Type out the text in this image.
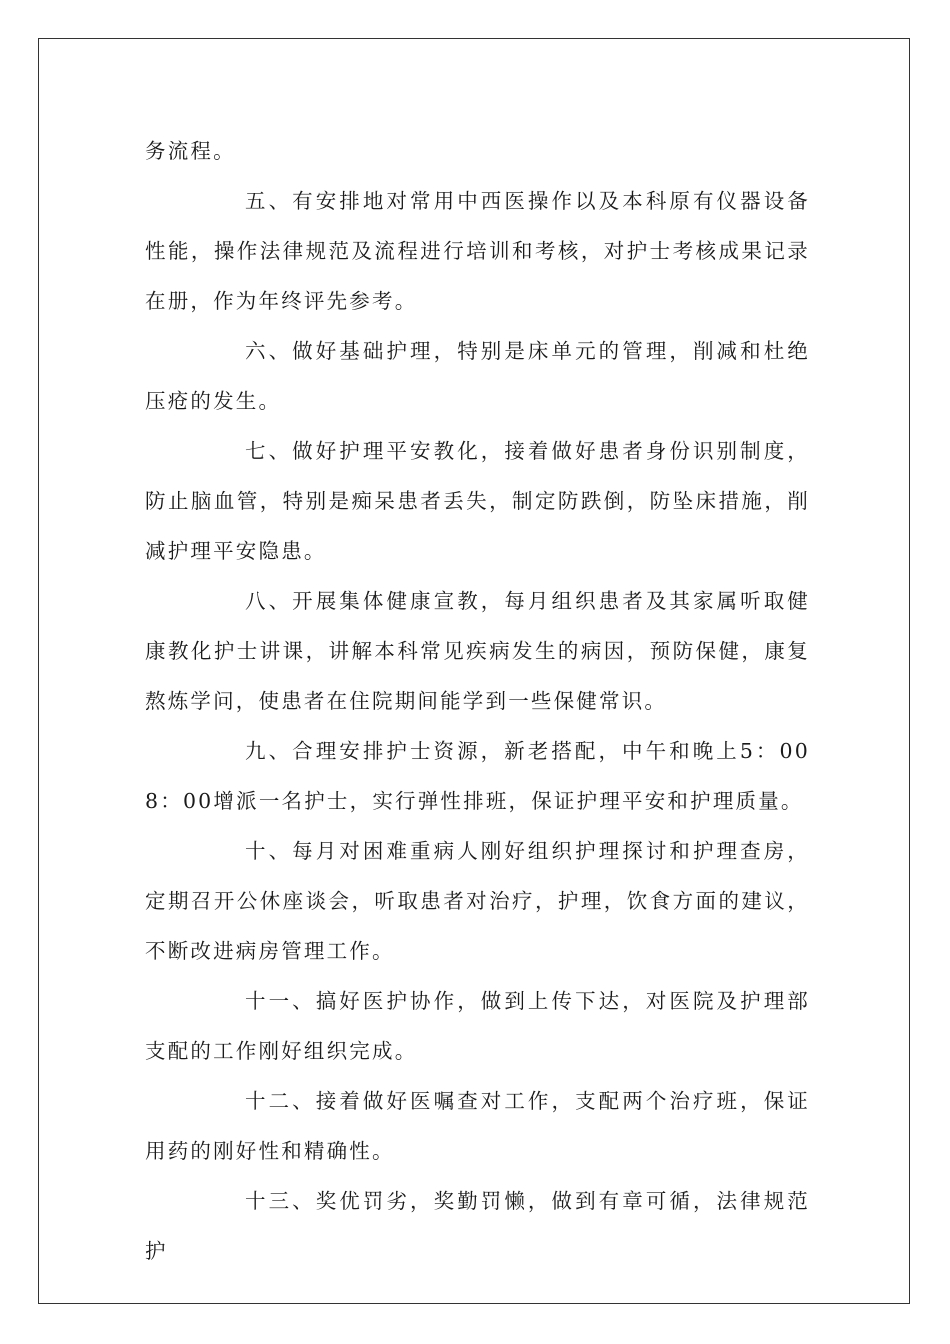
务流程。

五、有安排地对常用中西医操作以及本科原有仪器设备性能，操作法律规范及流程进行培训和考核，对护士考核成果记录在册，作为年终评先参考。

六、做好基础护理，特别是床单元的管理，削减和杜绝压疮的发生。

七、做好护理平安教化，接着做好患者身份识别制度，防止脑血管，特别是痴呆患者丢失，制定防跌倒，防坠床措施，削减护理平安隐患。

八、开展集体健康宣教，每月组织患者及其家属听取健康教化护士讲课，讲解本科常见疾病发生的病因，预防保健，康复熬炼学问，使患者在住院期间能学到一些保健常识。

九、合理安排护士资源，新老搭配，中午和晚上5：008：00增派一名护士，实行弹性排班，保证护理平安和护理质量。

十、每月对困难重病人刚好组织护理探讨和护理查房，定期召开公休座谈会，听取患者对治疗，护理，饮食方面的建议，不断改进病房管理工作。

十一、搞好医护协作，做到上传下达，对医院及护理部支配的工作刚好组织完成。

十二、接着做好医嘱查对工作，支配两个治疗班，保证用药的刚好性和精确性。

十三、奖优罚劣，奖勤罚懒，做到有章可循，法律规范护
